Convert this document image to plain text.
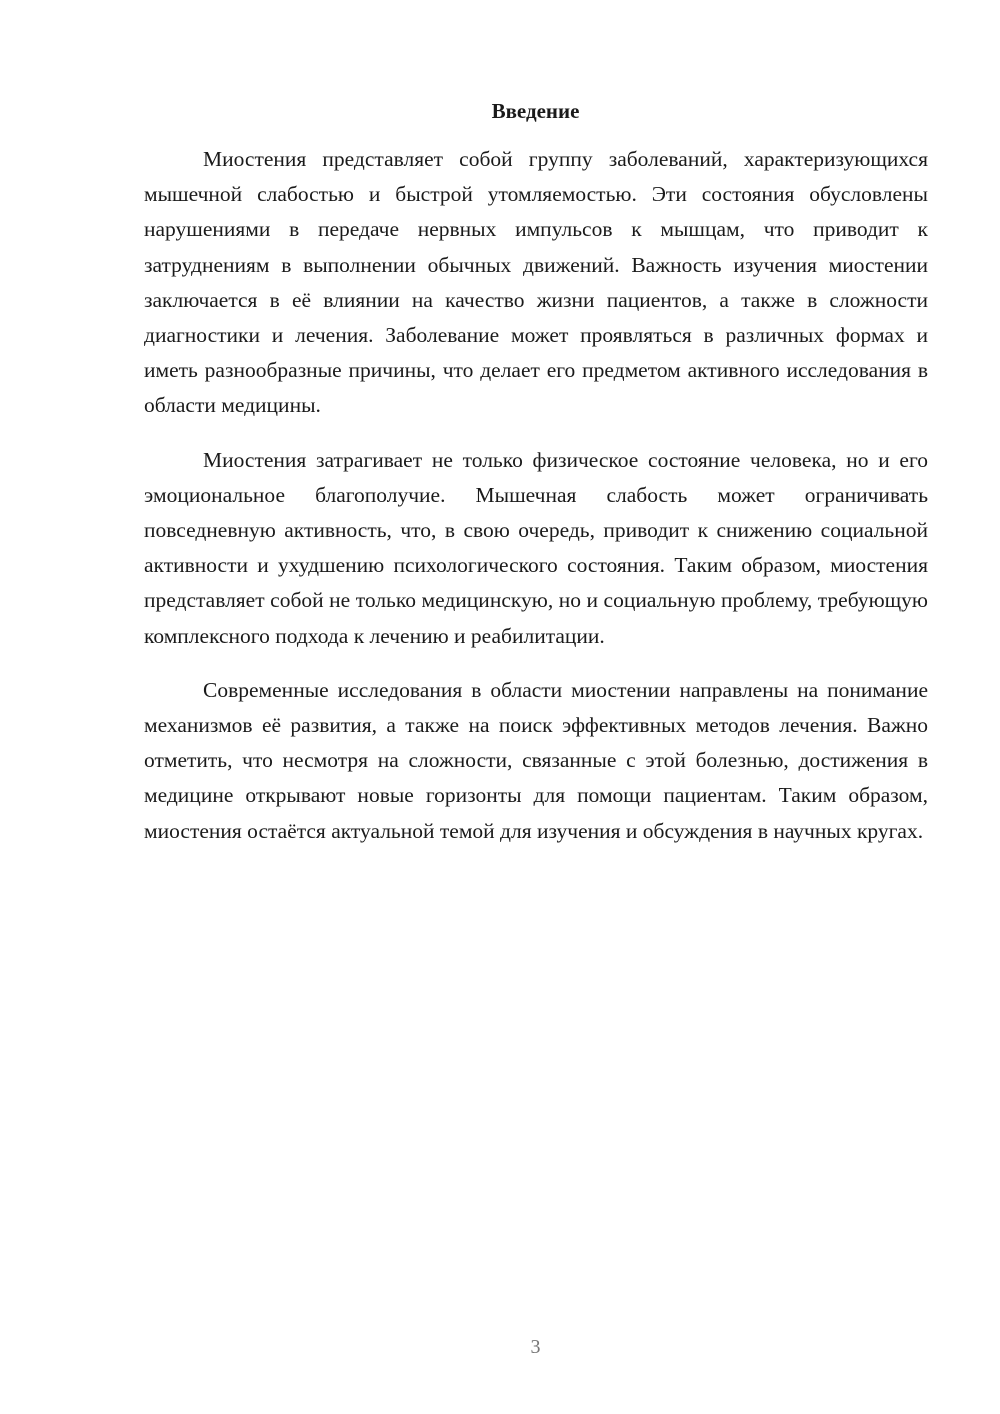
Введение

Миостения представляет собой группу заболеваний, характеризующихся мышечной слабостью и быстрой утомляемостью. Эти состояния обусловлены нарушениями в передаче нервных импульсов к мышцам, что приводит к затруднениям в выполнении обычных движений. Важность изучения миостении заключается в её влиянии на качество жизни пациентов, а также в сложности диагностики и лечения. Заболевание может проявляться в различных формах и иметь разнообразные причины, что делает его предметом активного исследования в области медицины.

Миостения затрагивает не только физическое состояние человека, но и его эмоциональное благополучие. Мышечная слабость может ограничивать повседневную активность, что, в свою очередь, приводит к снижению социальной активности и ухудшению психологического состояния. Таким образом, миостения представляет собой не только медицинскую, но и социальную проблему, требующую комплексного подхода к лечению и реабилитации.

Современные исследования в области миостении направлены на понимание механизмов её развития, а также на поиск эффективных методов лечения. Важно отметить, что несмотря на сложности, связанные с этой болезнью, достижения в медицине открывают новые горизонты для помощи пациентам. Таким образом, миостения остаётся актуальной темой для изучения и обсуждения в научных кругах.

3
